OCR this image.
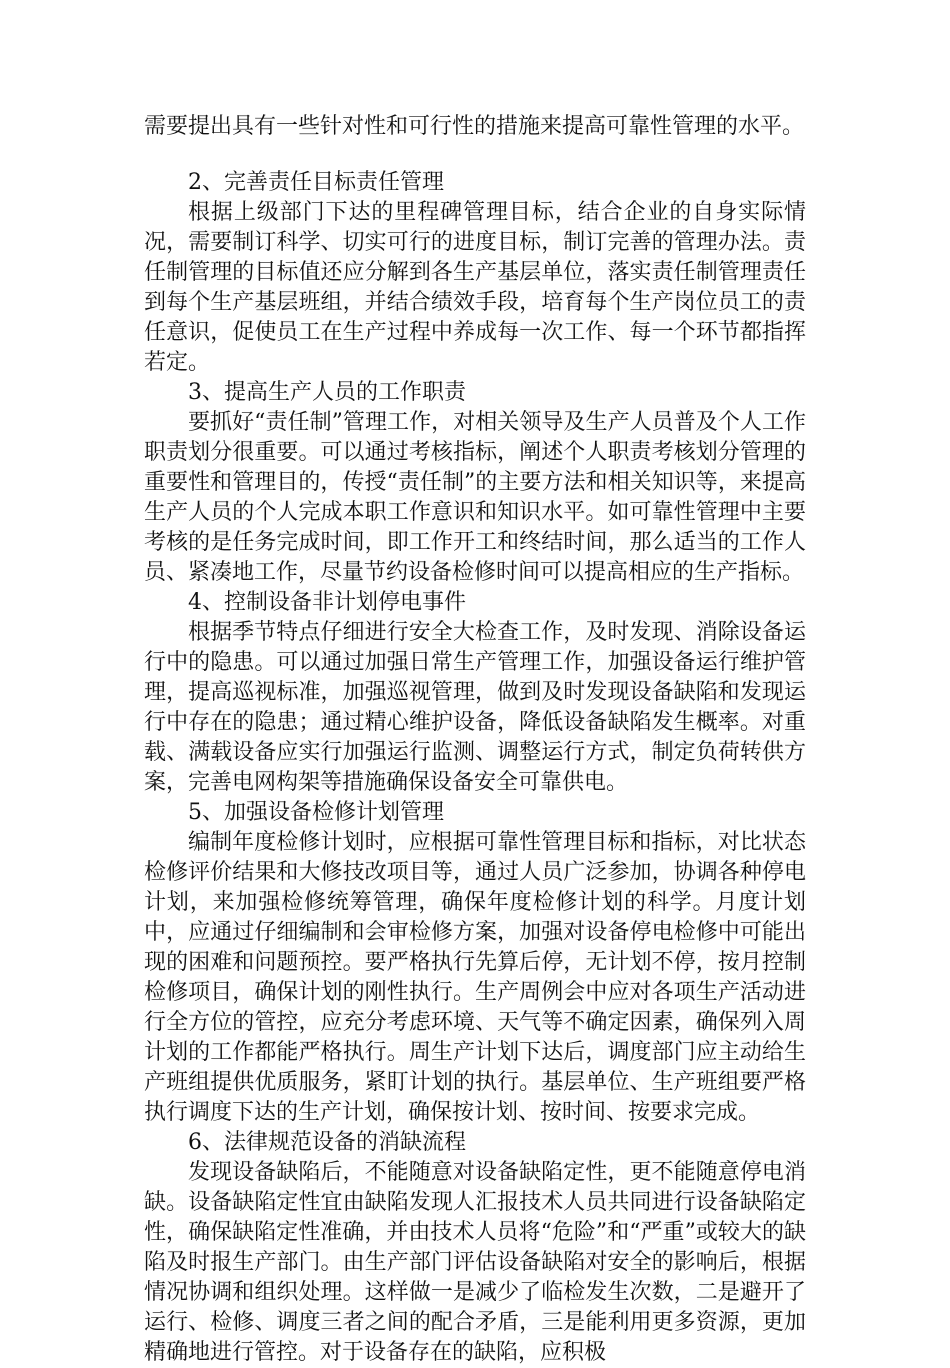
需要提出具有一些针对性和可行性的措施来提高可靠性管理的水平。

2、完善责任目标责任管理

根据上级部门下达的里程碑管理目标，结合企业的自身实际情况，需要制订科学、切实可行的进度目标，制订完善的管理办法。责任制管理的目标值还应分解到各生产基层单位，落实责任制管理责任到每个生产基层班组，并结合绩效手段，培育每个生产岗位员工的责任意识，促使员工在生产过程中养成每一次工作、每一个环节都指挥若定。

3、提高生产人员的工作职责

要抓好“责任制”管理工作，对相关领导及生产人员普及个人工作职责划分很重要。可以通过考核指标，阐述个人职责考核划分管理的重要性和管理目的，传授“责任制”的主要方法和相关知识等，来提高生产人员的个人完成本职工作意识和知识水平。如可靠性管理中主要考核的是任务完成时间，即工作开工和终结时间，那么适当的工作人员、紧凑地工作，尽量节约设备检修时间可以提高相应的生产指标。

4、控制设备非计划停电事件

根据季节特点仔细进行安全大检查工作，及时发现、消除设备运行中的隐患。可以通过加强日常生产管理工作，加强设备运行维护管理，提高巡视标准，加强巡视管理，做到及时发现设备缺陷和发现运行中存在的隐患；通过精心维护设备，降低设备缺陷发生概率。对重载、满载设备应实行加强运行监测、调整运行方式，制定负荷转供方案，完善电网构架等措施确保设备安全可靠供电。

5、加强设备检修计划管理

编制年度检修计划时，应根据可靠性管理目标和指标，对比状态检修评价结果和大修技改项目等，通过人员广泛参加，协调各种停电计划，来加强检修统筹管理，确保年度检修计划的科学。月度计划中，应通过仔细编制和会审检修方案，加强对设备停电检修中可能出现的困难和问题预控。要严格执行先算后停，无计划不停，按月控制检修项目，确保计划的刚性执行。生产周例会中应对各项生产活动进行全方位的管控，应充分考虑环境、天气等不确定因素，确保列入周计划的工作都能严格执行。周生产计划下达后，调度部门应主动给生产班组提供优质服务，紧盯计划的执行。基层单位、生产班组要严格执行调度下达的生产计划，确保按计划、按时间、按要求完成。

6、法律规范设备的消缺流程

发现设备缺陷后，不能随意对设备缺陷定性，更不能随意停电消缺。设备缺陷定性宜由缺陷发现人汇报技术人员共同进行设备缺陷定性，确保缺陷定性准确，并由技术人员将“危险”和“严重”或较大的缺陷及时报生产部门。由生产部门评估设备缺陷对安全的影响后，根据情况协调和组织处理。这样做一是减少了临检发生次数，二是避开了运行、检修、调度三者之间的配合矛盾，三是能利用更多资源，更加精确地进行管控。对于设备存在的缺陷，应积极
